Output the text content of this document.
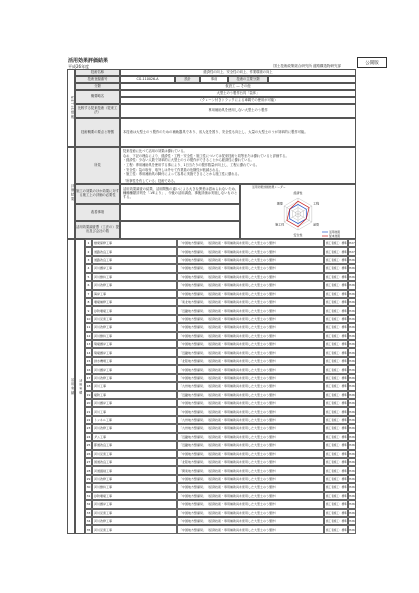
活用効果評価結果
平成26年度	国土技術政策総合研究所 道路構造物研究部
公開版
NETIS情報
評価結果
活用実績
技術名称	経済性の向上、安全性の向上、作業環境の向上
技術登録番号	CG-110026-A	設計	事前	技術の主要分類
分類	仮設工 ― その他
概要略名
大型土のう製作台具「袋体」
（クレーン付きトラックによる車載での使用が可能）
比較する従来技術（従来工法）	専用補助具を使用しない大型土のう製作
技術概要の要点と特徴	本技術は大型土のう製作のための補助器具であり、省人化を図り、安全性も向上し、大量の大型土のうが効率的に製作可能。
所見
従来技術に比べて活用の効果は優れている。
なお、下記の理由により、経済性・工程・安全性・施工性については従来技術と同等または優れていると評価する。
・経済性：少ない人数で効率的に大型土のうの製作ができることから経済性に優れている。
・工程：専用補助具を使用する事により、1日当たりの製作数量が向上し、工程に優れている。
・安全性：袋の取付、取外しは外せて作業員の危険性が低減される。
・施工性：専用補助具の脚付によって容易に実施できることから施工性に優れる。
「所掌性を有している」技術である。
施工の効果のほか効果に対する施工上の評価の必要性
活用効果調査の結果、活用間態の違いによる大きな異差は認められないため、種種種類評判を「-VEより」、今後の活用調査、事後評価は実施しないものとする。
改善事項
活用効果調査票（工法の）提出及び会社の数
活用効果評価結果レーダー
経済性
工程
品質
安全性
施工性
環境
活用技術
従来技術
活用実績
1	橋梁保修工事	「中国地方整備局」 （経済技術・専用補助具を使用した大型土のう製作）	施工者施工：標準 H27
2	道路改良工事	「中国地方整備局」 （経済技術・専用補助具を使用した大型土のう製作）	施工者施工：標準 H27
3	道路改良工事	「中国地方整備局」 （経済技術・専用補助具を使用した大型土のう製作）	施工者施工：標準 H26
4	河川護岸工事	「中国地方整備局」 （経済技術・専用補助具を使用した大型土のう製作）	施工者施工：標準 H26
5	河川維持工事	「中国地方整備局」 （経済技術・専用補助具を使用した大型土のう製作）	施工者施工：標準 H26
6	河川改修工事	「中国地方整備局」 （経済技術・専用補助具を使用した大型土のう製作）	施工者施工：標準 H26
7	海岸工事	「中国地方整備局」 （経済技術・専用補助具を使用した大型土のう製作）	施工者施工：標準 H26
8	堰堤補修工事	「東北地方整備局」 （経済技術・専用補助具を使用した大型土のう製作）	施工者施工：標準 H26
9	砂防堰堤工事	「近畿地方整備局」 （経済技術・専用補助具を使用した大型土のう製作）	施工者施工：標準 H26
10	河川災害工事	「中国地方整備局」 （経済技術・専用補助具を使用した大型土のう製作）	施工者施工：標準 H26
11	河川改修工事	「中国地方整備局」 （経済技術・専用補助具を使用した大型土のう製作）	施工者施工：標準 H26
12	河川維持工事	「中国地方整備局」 （経済技術・専用補助具を使用した大型土のう製作）	施工者施工：標準 H26
13	築堤護岸工事	「中国地方整備局」 （経済技術・専用補助具を使用した大型土のう製作）	施工者施工：標準 H26
14	築堤護岸工事	「近畿地方整備局」 （経済技術・専用補助具を使用した大型土のう製作）	施工者施工：標準 H26
15	排水機場工事	「北陸地方整備局」 （経済技術・専用補助具を使用した大型土のう製作）	施工者施工：標準 H26
16	河川護岸工事	「中国地方整備局」 （経済技術・専用補助具を使用した大型土のう製作）	施工者施工：標準 H26
17	河川改修工事	「中国地方整備局」 （経済技術・専用補助具を使用した大型土のう製作）	施工者施工：標準 H26
18	河川工事	「九州地方整備局」 （経済技術・専用補助具を使用した大型土のう製作）	施工者施工：標準 H26
19	堤防工事	「近畿地方整備局」 （経済技術・専用補助具を使用した大型土のう製作）	施工者施工：標準 H26
20	河川護岸工事	「中国地方整備局」 （経済技術・専用補助具を使用した大型土のう製作）	施工者施工：標準 H26
21	河川工事	「中国地方整備局」 （経済技術・専用補助具を使用した大型土のう製作）	施工者施工：標準 H26
22	トンネル工事	「九州地方整備局」 （経済技術・専用補助具を使用した大型土のう製作）	施工者施工：標準 H26
23	河川改修工事	「九州地方整備局」 （経済技術・専用補助具を使用した大型土のう製作）	施工者施工：標準 H26
24	ダム工事	「近畿地方整備局」 （経済技術・専用補助具を使用した大型土のう製作）	施工者施工：標準 H26
25	都道改良工事	「近畿地方整備局」 （経済技術・専用補助具を使用した大型土のう製作）	施工者施工：標準 H26
26	河川災害工事	「中国地方整備局」 （経済技術・専用補助具を使用した大型土のう製作）	施工者施工：標準 H26
27	国道改良工事	「北陸地方整備局」 （経済技術・専用補助具を使用した大型土のう製作）	施工者施工：標準 H26
28	河道掘削工事	「関東地方整備局」 （経済技術・専用補助具を使用した大型土のう製作）	施工者施工：標準 H26
29	河川改修工事	「中国地方整備局」 （経済技術・専用補助具を使用した大型土のう製作）	施工者施工：標準 H26
30	河川維持工事	「中国地方整備局」 （経済技術・専用補助具を使用した大型土のう製作）	施工者施工：標準 H26
31	砂防堰堤工事	「中国地方整備局」 （経済技術・専用補助具を使用した大型土のう製作）	施工者施工：標準 H26
32	河川護岸工事	「中国地方整備局」 （経済技術・専用補助具を使用した大型土のう製作）	施工者施工：標準 H26
33	河川災害工事	「中国地方整備局」 （経済技術・専用補助具を使用した大型土のう製作）	施工者施工：標準 H26
34	河川改修工事	「中国地方整備局」 （経済技術・専用補助具を使用した大型土のう製作）	施工者施工：標準 H26
35	河川災害工事	「中国地方整備局」 （経済技術・専用補助具を使用した大型土のう製作）	施工者施工：標準 H26
